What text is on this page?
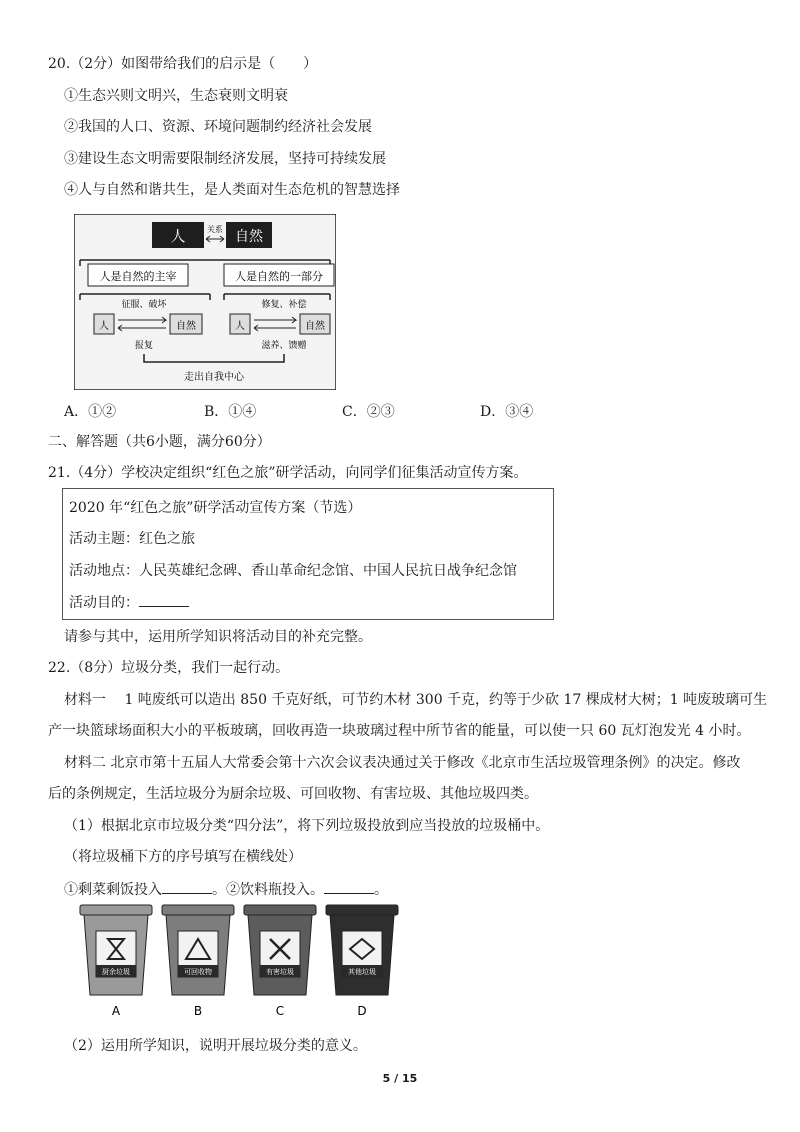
20.（2分）如图带给我们的启示是（　　）
①生态兴则文明兴，生态衰则文明衰
②我国的人口、资源、环境问题制约经济社会发展
③建设生态文明需要限制经济发展，坚持可持续发展
④人与自然和谐共生，是人类面对生态危机的智慧选择
人	自然
关系
人是自然的主宰	人是自然的一部分
征服、破坏
人	自然
报复
修复、补偿
人	自然
滋养、馈赠
走出自我中心
A．①②	B．①④	C．②③	D．③④
二、解答题（共6小题，满分60分）
21.（4分）学校决定组织“红色之旅”研学活动，向同学们征集活动宣传方案。
2020 年“红色之旅”研学活动宣传方案（节选）
活动主题：红色之旅
活动地点：人民英雄纪念碑、香山革命纪念馆、中国人民抗日战争纪念馆
活动目的：
请参与其中，运用所学知识将活动目的补充完整。
22.（8分）垃圾分类，我们一起行动。
材料一　 1 吨废纸可以造出 850 千克好纸，可节约木材 300 千克，约等于少砍 17 棵成材大树；1 吨废玻璃可生
产一块篮球场面积大小的平板玻璃，回收再造一块玻璃过程中所节省的能量，可以使一只 60 瓦灯泡发光 4 小时。
材料二 北京市第十五届人大常委会第十六次会议表决通过关于修改《北京市生活垃圾管理条例》的决定。修改
后的条例规定，生活垃圾分为厨余垃圾、可回收物、有害垃圾、其他垃圾四类。
（1）根据北京市垃圾分类“四分法”，将下列垃圾投放到应当投放的垃圾桶中。
（将垃圾桶下方的序号填写在横线处）
①剩菜剩饭投入	。②饮料瓶投入。	。
厨余垃圾
A
可回收物
B
有害垃圾
C
其他垃圾
D
（2）运用所学知识，说明开展垃圾分类的意义。
5 / 15
